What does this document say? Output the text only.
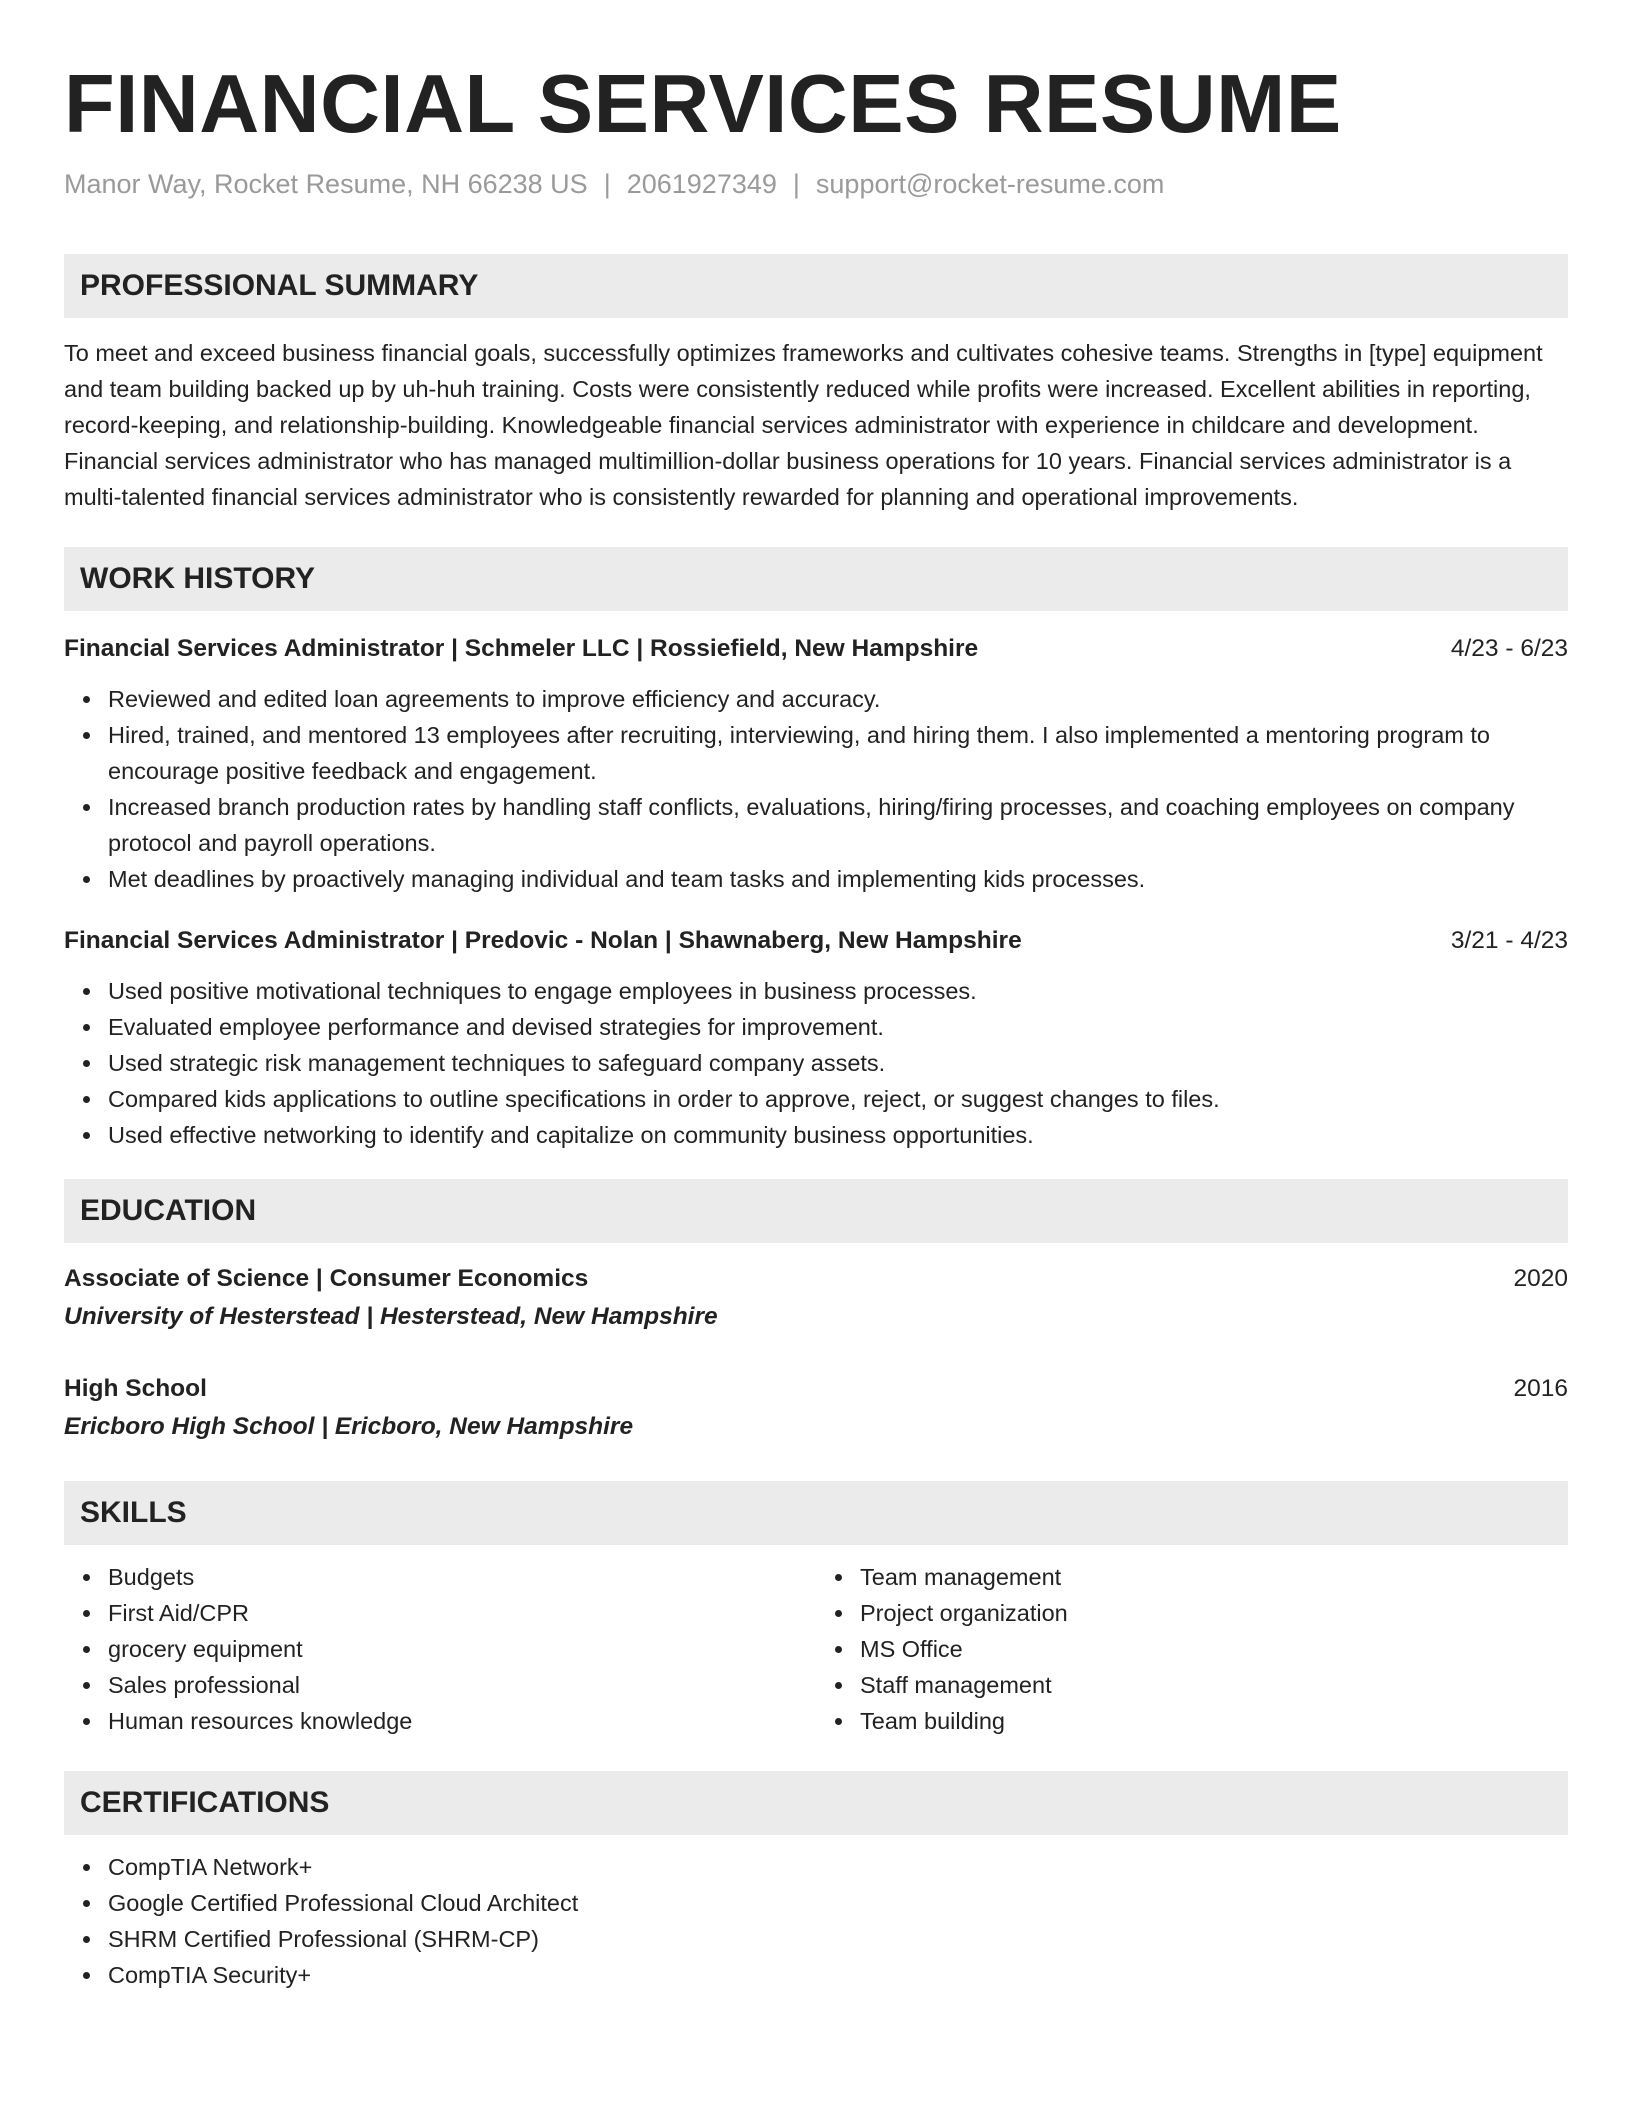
FINANCIAL SERVICES RESUME
Manor Way, Rocket Resume, NH 66238 US | 2061927349 | support@rocket-resume.com
PROFESSIONAL SUMMARY
To meet and exceed business financial goals, successfully optimizes frameworks and cultivates cohesive teams. Strengths in [type] equipment and team building backed up by uh-huh training. Costs were consistently reduced while profits were increased. Excellent abilities in reporting, record-keeping, and relationship-building. Knowledgeable financial services administrator with experience in childcare and development. Financial services administrator who has managed multimillion-dollar business operations for 10 years. Financial services administrator is a multi-talented financial services administrator who is consistently rewarded for planning and operational improvements.
WORK HISTORY
Financial Services Administrator | Schmeler LLC | Rossiefield, New Hampshire	4/23 - 6/23
Reviewed and edited loan agreements to improve efficiency and accuracy.
Hired, trained, and mentored 13 employees after recruiting, interviewing, and hiring them. I also implemented a mentoring program to encourage positive feedback and engagement.
Increased branch production rates by handling staff conflicts, evaluations, hiring/firing processes, and coaching employees on company protocol and payroll operations.
Met deadlines by proactively managing individual and team tasks and implementing kids processes.
Financial Services Administrator | Predovic - Nolan | Shawnaberg, New Hampshire	3/21 - 4/23
Used positive motivational techniques to engage employees in business processes.
Evaluated employee performance and devised strategies for improvement.
Used strategic risk management techniques to safeguard company assets.
Compared kids applications to outline specifications in order to approve, reject, or suggest changes to files.
Used effective networking to identify and capitalize on community business opportunities.
EDUCATION
Associate of Science | Consumer Economics	2020
University of Hesterstead | Hesterstead, New Hampshire
High School	2016
Ericboro High School | Ericboro, New Hampshire
SKILLS
Budgets
First Aid/CPR
grocery equipment
Sales professional
Human resources knowledge
Team management
Project organization
MS Office
Staff management
Team building
CERTIFICATIONS
CompTIA Network+
Google Certified Professional Cloud Architect
SHRM Certified Professional (SHRM-CP)
CompTIA Security+
